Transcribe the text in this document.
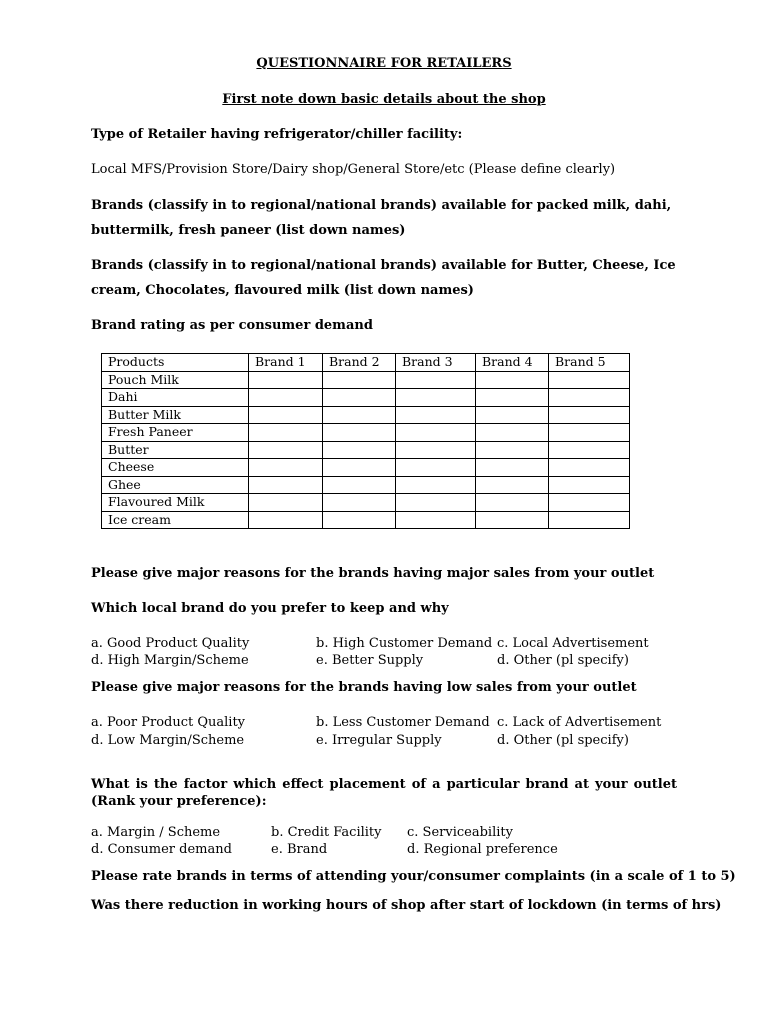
QUESTIONNAIRE FOR RETAILERS
First note down basic details about the shop
Type of Retailer having refrigerator/chiller facility:
Local MFS/Provision Store/Dairy shop/General Store/etc (Please define clearly)
Brands (classify in to regional/national brands) available for packed milk, dahi, buttermilk, fresh paneer (list down names)
Brands (classify in to regional/national brands) available for Butter, Cheese, Ice cream, Chocolates, flavoured milk (list down names)
Brand rating as per consumer demand
Products	Brand 1	Brand 2	Brand 3	Brand 4	Brand 5
Pouch Milk					
Dahi					
Butter Milk					
Fresh Paneer					
Butter					
Cheese					
Ghee					
Flavoured Milk					
Ice cream					
Please give major reasons for the brands having major sales from your outlet
Which local brand do you prefer to keep and why
a. Good Product Quality	b. High Customer Demand c. Local Advertisement
d. High Margin/Scheme	e. Better Supply	d. Other (pl specify)
Please give major reasons for the brands having low sales from your outlet
a. Poor Product Quality	b. Less Customer Demand c. Lack of Advertisement
d. Low Margin/Scheme	e. Irregular Supply	d. Other (pl specify)
What is the factor which effect placement of a particular brand at your outlet (Rank your preference):
a. Margin / Scheme	b. Credit Facility c. Serviceability
d. Consumer demand	e. Brand	d. Regional preference
Please rate brands in terms of attending your/consumer complaints (in a scale of 1 to 5)
Was there reduction in working hours of shop after start of lockdown (in terms of hrs)
